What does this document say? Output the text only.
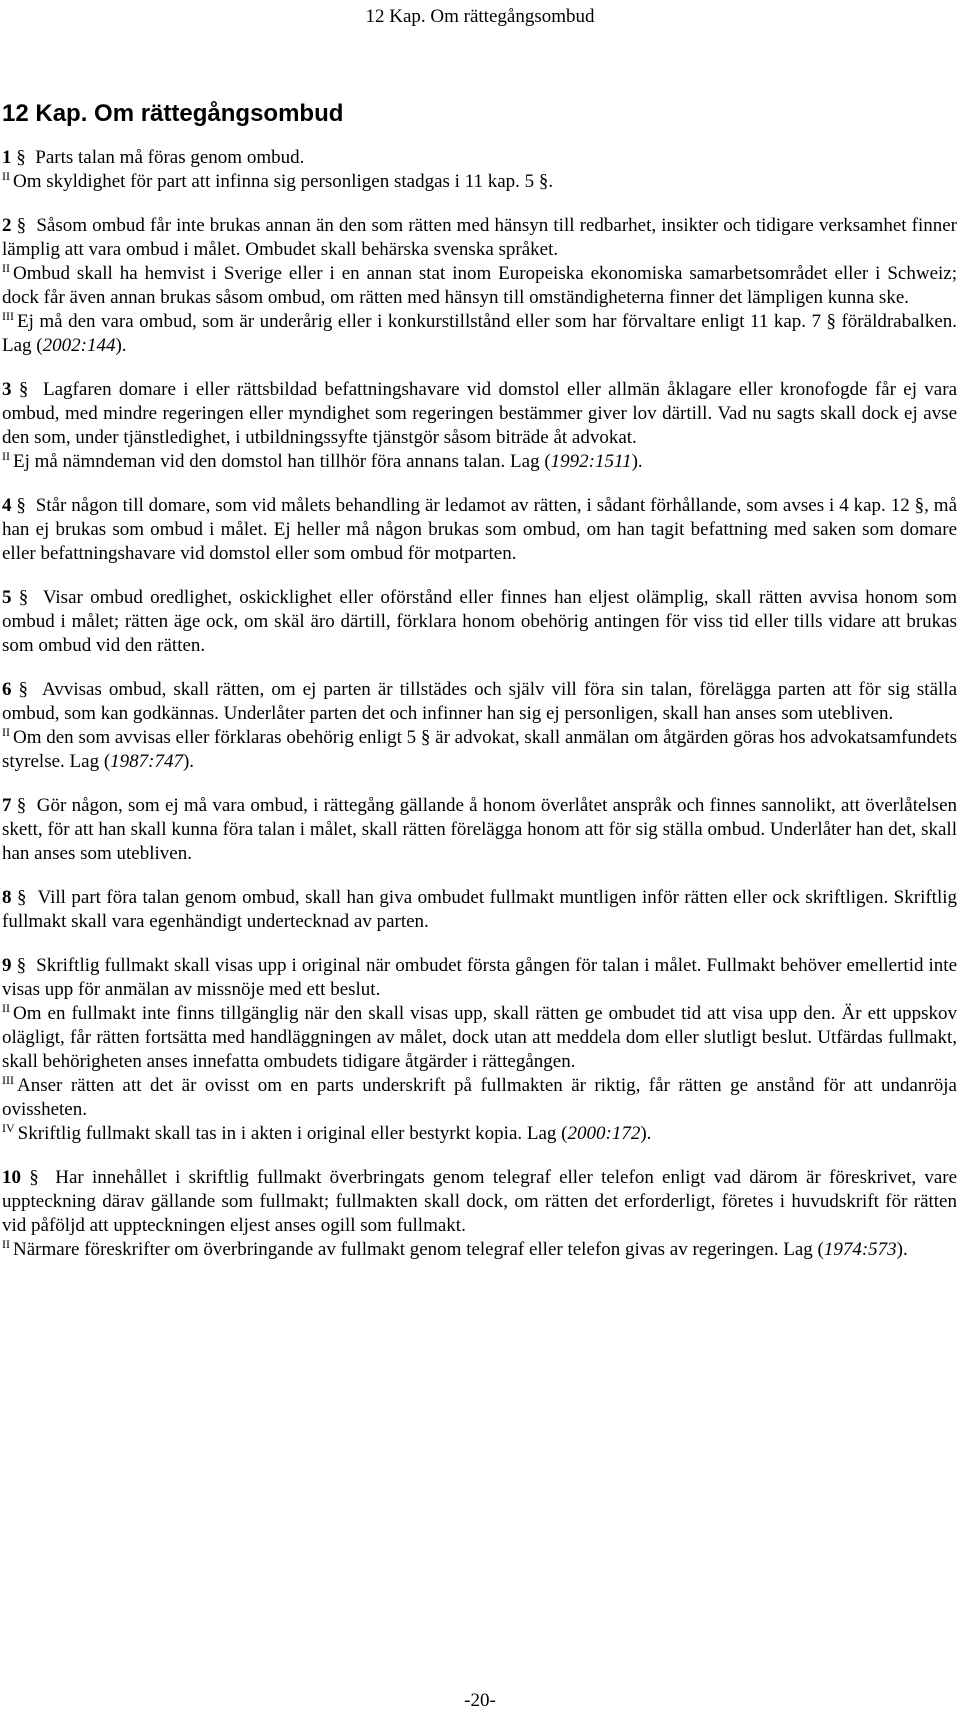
12 Kap. Om rättegångsombud
12 Kap. Om rättegångsombud

1 § Parts talan må föras genom ombud.

$^{II}$ Om skyldighet för part att infinna sig personligen stadgas i 11 kap. 5 §.

2 § Såsom ombud får inte brukas annan än den som rätten med hänsyn till redbarhet, insikter och tidigare verksamhet finner lämplig att vara ombud i målet. Ombudet skall behärska svenska språket.

$^{II}$ Ombud skall ha hemvist i Sverige eller i en annan stat inom Europeiska ekonomiska samarbetsområdet eller i Schweiz; dock får även annan brukas såsom ombud, om rätten med hänsyn till omständigheterna finner det lämpligen kunna ske.

$^{III}$ Ej må den vara ombud, som är underårig eller i konkurstillstånd eller som har förvaltare enligt 11 kap. 7 § föräldrabalken. Lag (2002:144).

3 § Lagfaren domare i eller rättsbildad befattningshavare vid domstol eller allmän åklagare eller kronofogde får ej vara ombud, med mindre regeringen eller myndighet som regeringen bestämmer giver lov därtill. Vad nu sagts skall dock ej avse den som, under tjänstledighet, i utbildningssyfte tjänstgör såsom biträde åt advokat.

$^{II}$ Ej må nämndeman vid den domstol han tillhör föra annans talan. Lag (1992:1511).

4 § Står någon till domare, som vid målets behandling är ledamot av rätten, i sådant förhållande, som avses i 4 kap. 12 §, må han ej brukas som ombud i målet. Ej heller må någon brukas som ombud, om han tagit befattning med saken som domare eller befattningshavare vid domstol eller som ombud för motparten.

5 § Visar ombud oredlighet, oskicklighet eller oförstånd eller finnes han eljest olämplig, skall rätten avvisa honom som ombud i målet; rätten äge ock, om skäl äro därtill, förklara honom obehörig antingen för viss tid eller tills vidare att brukas som ombud vid den rätten.

6 § Avvisas ombud, skall rätten, om ej parten är tillstädes och själv vill föra sin talan, förelägga parten att för sig ställa ombud, som kan godkännas. Underlåter parten det och infinner han sig ej personligen, skall han anses som utebliven.

$^{II}$ Om den som avvisas eller förklaras obehörig enligt 5 § är advokat, skall anmälan om åtgärden göras hos advokatsamfundets styrelse. Lag (1987:747).

7 § Gör någon, som ej må vara ombud, i rättegång gällande å honom överlåtet anspråk och finnes sannolikt, att överlåtelsen skett, för att han skall kunna föra talan i målet, skall rätten förelägga honom att för sig ställa ombud. Underlåter han det, skall han anses som utebliven.

8 § Vill part föra talan genom ombud, skall han giva ombudet fullmakt muntligen inför rätten eller ock skriftligen. Skriftlig fullmakt skall vara egenhändigt undertecknad av parten.

9 § Skriftlig fullmakt skall visas upp i original när ombudet första gången för talan i målet. Fullmakt behöver emellertid inte visas upp för anmälan av missnöje med ett beslut.

$^{II}$ Om en fullmakt inte finns tillgänglig när den skall visas upp, skall rätten ge ombudet tid att visa upp den. Är ett uppskov olägligt, får rätten fortsätta med handläggningen av målet, dock utan att meddela dom eller slutligt beslut. Utfärdas fullmakt, skall behörigheten anses innefatta ombudets tidigare åtgärder i rättegången.

$^{III}$ Anser rätten att det är ovisst om en parts underskrift på fullmakten är riktig, får rätten ge anstånd för att undanröja ovissheten.

$^{IV}$ Skriftlig fullmakt skall tas in i akten i original eller bestyrkt kopia. Lag (2000:172).

10 § Har innehållet i skriftlig fullmakt överbringats genom telegraf eller telefon enligt vad därom är föreskrivet, vare uppteckning därav gällande som fullmakt; fullmakten skall dock, om rätten det erforderligt, företes i huvudskrift för rätten vid påföljd att uppteckningen eljest anses ogill som fullmakt.

$^{II}$ Närmare föreskrifter om överbringande av fullmakt genom telegraf eller telefon givas av regeringen. Lag (1974:573).

-20-
